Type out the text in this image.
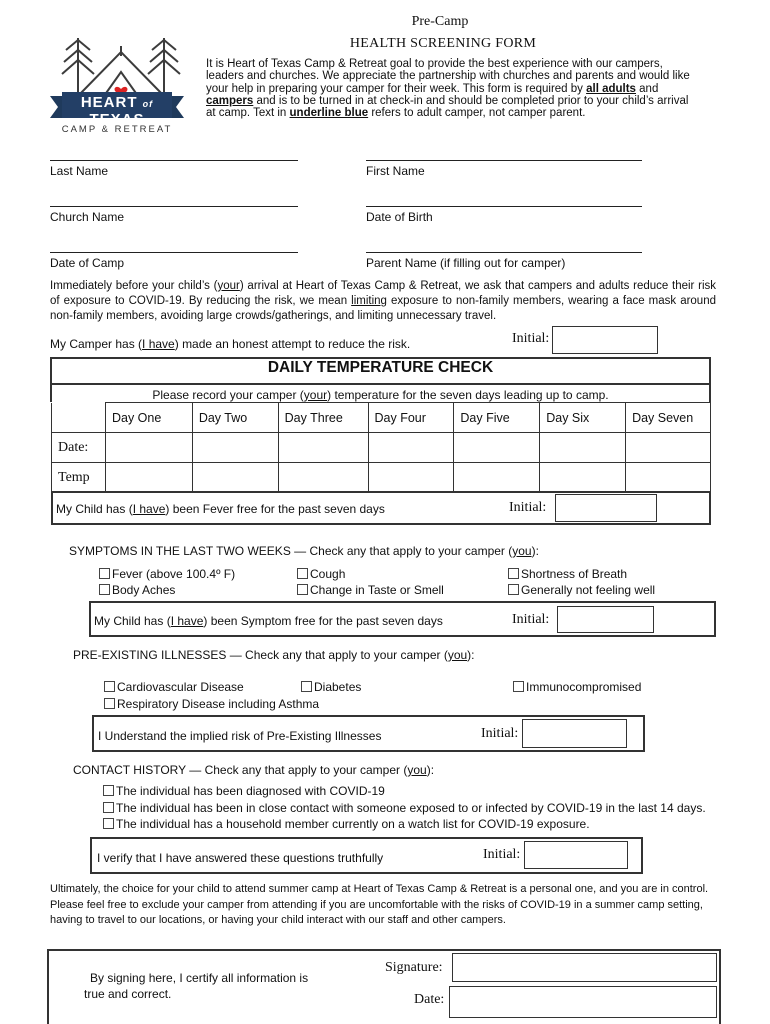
Pre-Camp
HEALTH SCREENING FORM
HEART of TEXAS
CAMP & RETREAT
It is Heart of Texas Camp & Retreat goal to provide the best experience with our campers,
leaders and churches. We appreciate the partnership with churches and parents and would like
your help in preparing your camper for their week. This form is required by all adults and
campers and is to be turned in at check-in and should be completed prior to your child’s arrival
at camp. Text in underline blue refers to adult camper, not camper parent.
Last Name	First Name
Church Name	Date of Birth
Date of Camp	Parent Name (if filling out for camper)
Immediately before your child’s (your) arrival at Heart of Texas Camp & Retreat, we ask that campers and adults reduce their risk of exposure to COVID-19. By reducing the risk, we mean limiting exposure to non-family members, wearing a face mask around non-family members, avoiding large crowds/gatherings, and limiting unnecessary travel.
My Camper has (I have) made an honest attempt to reduce the risk.	Initial:
DAILY TEMPERATURE CHECK
Please record your camper (your) temperature for the seven days leading up to camp.
	Day One	Day Two	Day Three	Day Four	Day Five	Day Six	Day Seven
Date:							
Temp							
My Child has (I have) been Fever free for the past seven days	Initial:
SYMPTOMS IN THE LAST TWO WEEKS — Check any that apply to your camper (you):
Fever (above 100.4º F)
Body Aches
Cough
Change in Taste or Smell
Shortness of Breath
Generally not feeling well
My Child has (I have) been Symptom free for the past seven days	Initial:
PRE-EXISTING ILLNESSES — Check any that apply to your camper (you):
Cardiovascular Disease	Diabetes	Immunocompromised
Respiratory Disease including Asthma
I Understand the implied risk of Pre-Existing Illnesses	Initial:
CONTACT HISTORY — Check any that apply to your camper (you):
The individual has been diagnosed with COVID-19
The individual has been in close contact with someone exposed to or infected by COVID-19 in the last 14 days.
The individual has a household member currently on a watch list for COVID-19 exposure.
I verify that I have answered these questions truthfully	Initial:
Ultimately, the choice for your child to attend summer camp at Heart of Texas Camp & Retreat is a personal one, and you are in control. Please feel free to exclude your camper from attending if you are uncomfortable with the risks of COVID-19 in a summer camp setting, having to travel to our locations, or having your child interact with our staff and other campers.
By signing here, I certify all information is
true and correct.
Signature:
Date:
